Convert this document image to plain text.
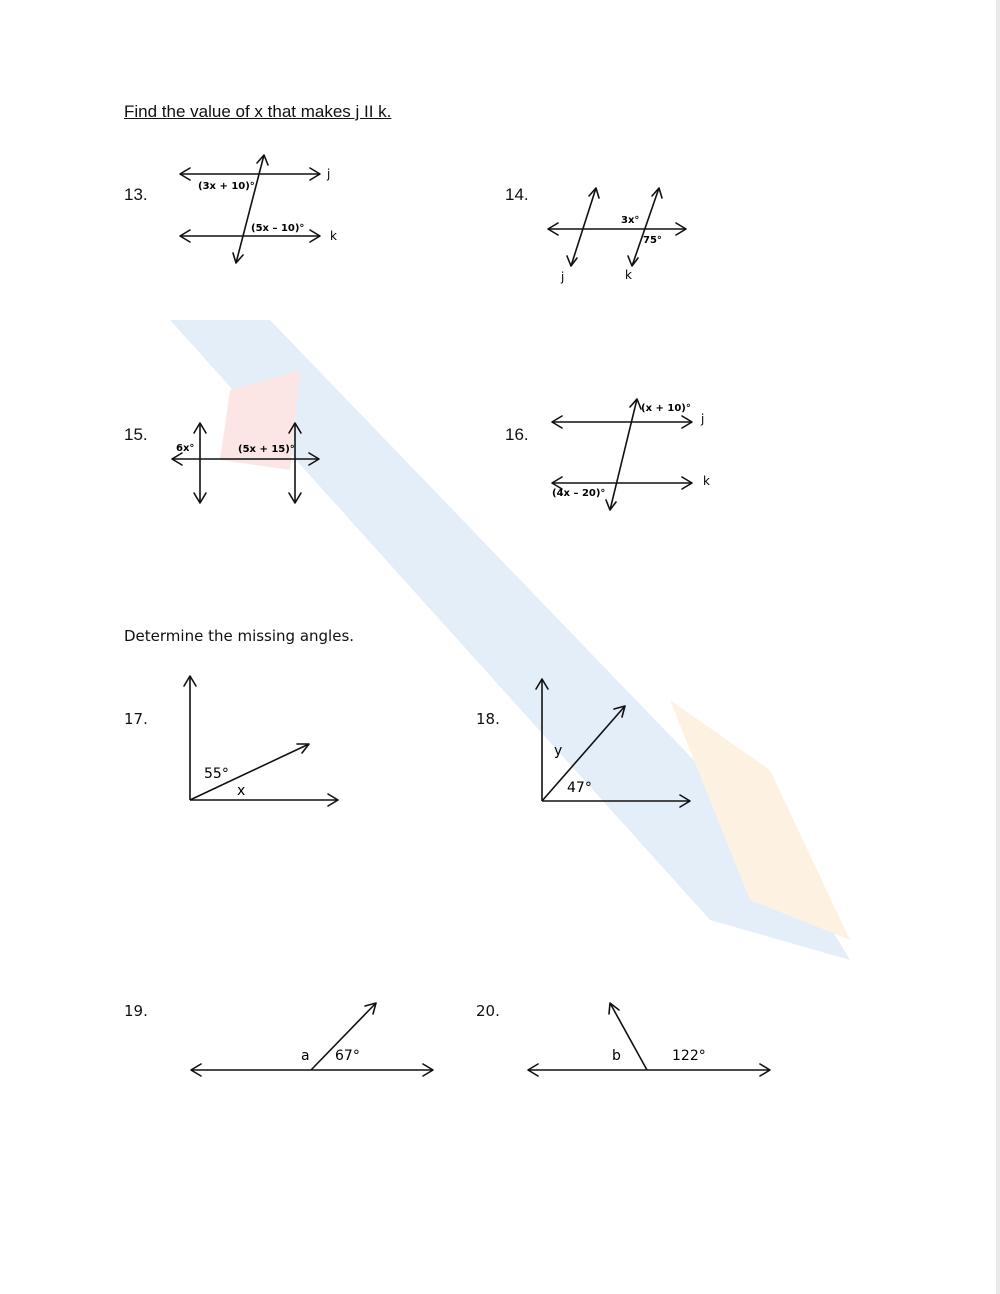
Find the value of x that makes j II k.
13.	14.
15.	16.
Determine the missing angles.
17.	18.
19.	20.
(3x + 10)°
(5x – 10)°
j
k
3x°
75°
j	k
6x°	(5x + 15)°
(x + 10)°
(4x – 20)°
j
k
55°
x
y
47°
a 67°	b	122°
